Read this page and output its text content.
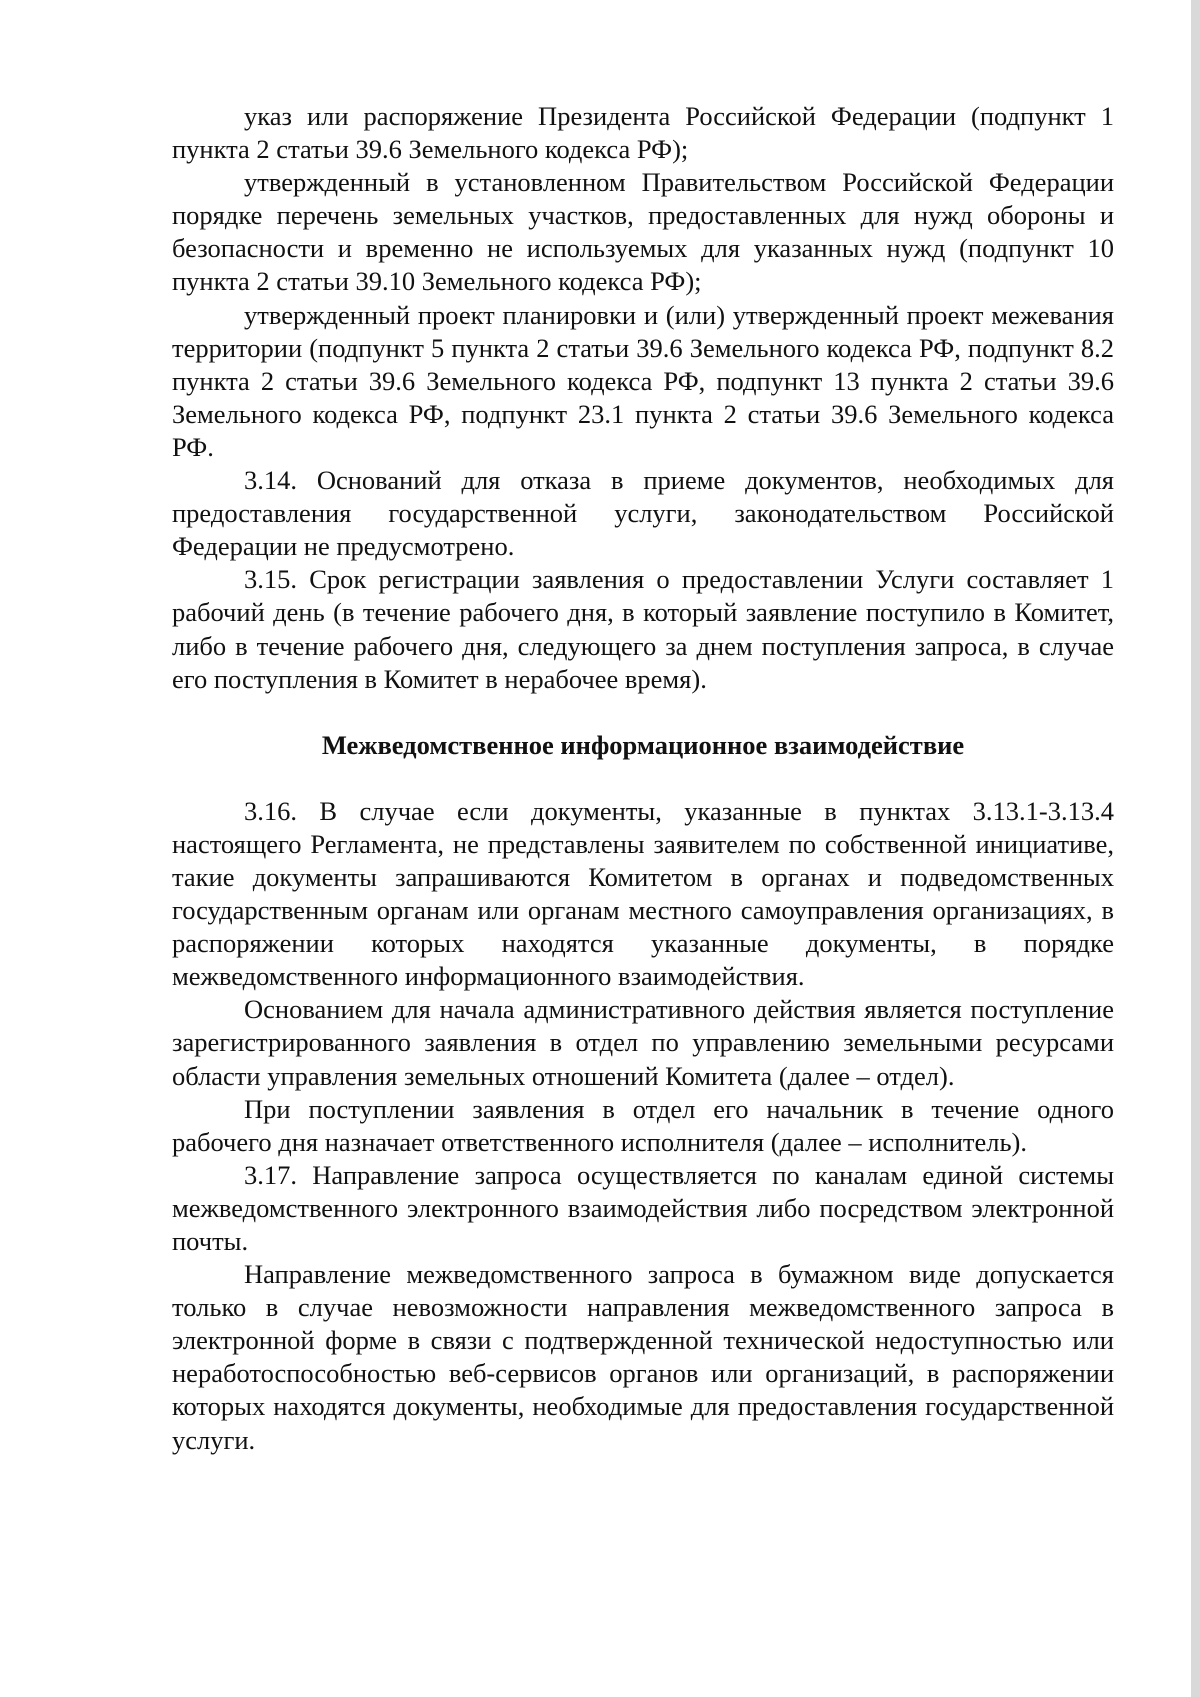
указ или распоряжение Президента Российской Федерации (подпункт 1 пункта 2 статьи 39.6 Земельного кодекса РФ);

утвержденный в установленном Правительством Российской Федерации порядке перечень земельных участков, предоставленных для нужд обороны и безопасности и временно не используемых для указанных нужд (подпункт 10 пункта 2 статьи 39.10 Земельного кодекса РФ);

утвержденный проект планировки и (или) утвержденный проект межевания территории (подпункт 5 пункта 2 статьи 39.6 Земельного кодекса РФ, подпункт 8.2 пункта 2 статьи 39.6 Земельного кодекса РФ, подпункт 13 пункта 2 статьи 39.6 Земельного кодекса РФ, подпункт 23.1 пункта 2 статьи 39.6 Земельного кодекса РФ.

3.14. Оснований для отказа в приеме документов, необходимых для предоставления государственной услуги, законодательством Российской Федерации не предусмотрено.

3.15. Срок регистрации заявления о предоставлении Услуги составляет 1 рабочий день (в течение рабочего дня, в который заявление поступило в Комитет, либо в течение рабочего дня, следующего за днем поступления запроса, в случае его поступления в Комитет в нерабочее время).

Межведомственное информационное взаимодействие

3.16. В случае если документы, указанные в пунктах 3.13.1-3.13.4 настоящего Регламента, не представлены заявителем по собственной инициативе, такие документы запрашиваются Комитетом в органах и подведомственных государственным органам или органам местного самоуправления организациях, в распоряжении которых находятся указанные документы, в порядке межведомственного информационного взаимодействия.

Основанием для начала административного действия является поступление зарегистрированного заявления в отдел по управлению земельными ресурсами области управления земельных отношений Комитета (далее – отдел).

При поступлении заявления в отдел его начальник в течение одного рабочего дня назначает ответственного исполнителя (далее – исполнитель).

3.17. Направление запроса осуществляется по каналам единой системы межведомственного электронного взаимодействия либо посредством электронной почты.

Направление межведомственного запроса в бумажном виде допускается только в случае невозможности направления межведомственного запроса в электронной форме в связи с подтвержденной технической недоступностью или неработоспособностью веб-сервисов органов или организаций, в распоряжении которых находятся документы, необходимые для предоставления государственной услуги.
